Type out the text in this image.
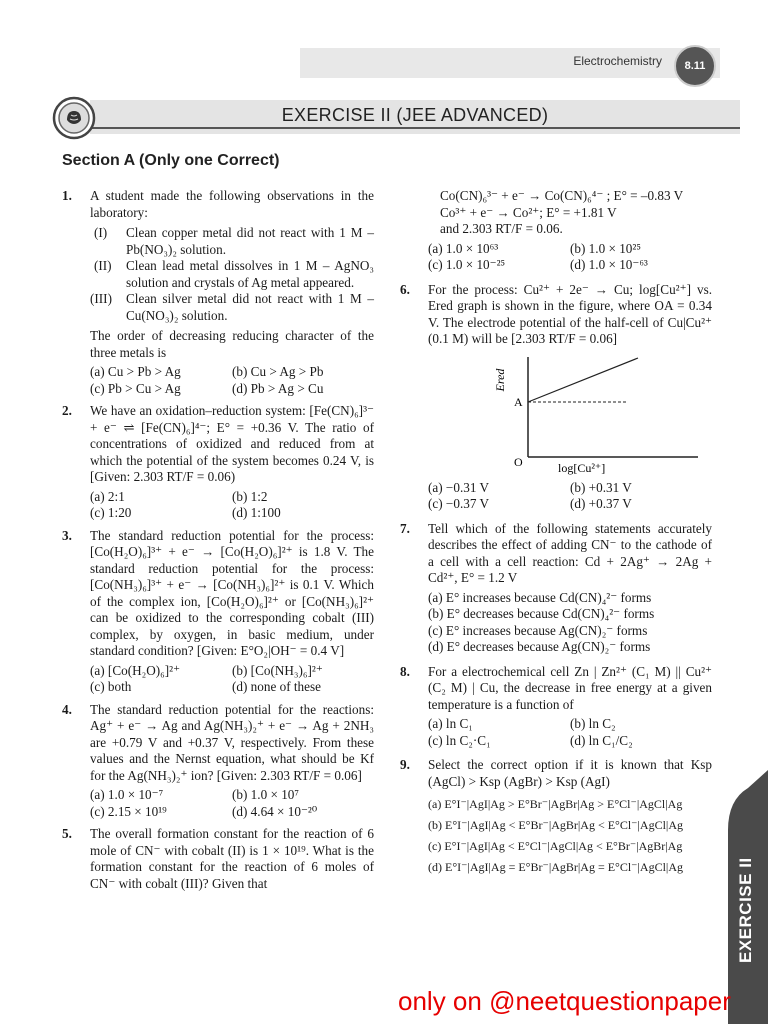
Electrochemistry	8.11
EXERCISE II (JEE ADVANCED)
Section A (Only one Correct)
1. A student made the following observations in the laboratory:

(I) Clean copper metal did not react with 1 M – Pb(NO₃)₂ solution.
(II) Clean lead metal dissolves in 1 M – AgNO₃ solution and crystals of Ag metal appeared.
(III) Clean silver metal did not react with 1 M – Cu(NO₃)₂ solution.

The order of decreasing reducing character of the three metals is

(a) Cu > Pb > Ag	(b) Cu > Ag > Pb
(c) Pb > Cu > Ag	(d) Pb > Ag > Cu
2. We have an oxidation–reduction system: [Fe(CN)₆]³⁻ + e⁻ ⇌ [Fe(CN)₆]⁴⁻; E° = +0.36 V. The ratio of concentrations of oxidized and reduced from at which the potential of the system becomes 0.24 V, is [Given: 2.303 RT/F = 0.06)

(a) 2:1	(b) 1:2
(c) 1:20	(d) 1:100
3. The standard reduction potential for the process: [Co(H₂O)₆]³⁺ + e⁻ → [Co(H₂O)₆]²⁺ is 1.8 V. The standard reduction potential for the process: [Co(NH₃)₆]³⁺ + e⁻ → [Co(NH₃)₆]²⁺ is 0.1 V. Which of the complex ion, [Co(H₂O)₆]²⁺ or [Co(NH₃)₆]²⁺ can be oxidized to the corresponding cobalt (III) complex, by oxygen, in basic medium, under standard condition? [Given: E°O₂|OH⁻ = 0.4 V]

(a) [Co(H₂O)₆]²⁺	(b) [Co(NH₃)₆]²⁺
(c) both	(d) none of these
4. The standard reduction potential for the reactions: Ag⁺ + e⁻ → Ag and Ag(NH₃)₂⁺ + e⁻ → Ag + 2NH₃ are +0.79 V and +0.37 V, respectively. From these values and the Nernst equation, what should be Kf for the Ag(NH₃)₂⁺ ion? [Given: 2.303 RT/F = 0.06]

(a) 1.0 × 10⁻⁷	(b) 1.0 × 10⁷
(c) 2.15 × 10¹⁹	(d) 4.64 × 10⁻²⁰
5. The overall formation constant for the reaction of 6 mole of CN⁻ with cobalt (II) is 1 × 10¹⁹. What is the formation constant for the reaction of 6 moles of CN⁻ with cobalt (III)? Given that

Co(CN)₆³⁻ + e⁻ → Co(CN)₆⁴⁻ ; E° = –0.83 V

Co³⁺ + e⁻ → Co²⁺; E° = +1.81 V

and 2.303 RT/F = 0.06.

(a) 1.0 × 10⁶³	(b) 1.0 × 10²⁵
(c) 1.0 × 10⁻²⁵	(d) 1.0 × 10⁻⁶³
6. For the process: Cu²⁺ + 2e⁻ → Cu; log[Cu²⁺] vs. Ered graph is shown in the figure, where OA = 0.34 V. The electrode potential of the half-cell of Cu|Cu²⁺ (0.1 M) will be [2.303 RT/F = 0.06]

Ered
A
O	log[Cu²⁺]
(a) −0.31 V	(b) +0.31 V
(c) −0.37 V	(d) +0.37 V
7. Tell which of the following statements accurately describes the effect of adding CN⁻ to the cathode of a cell with a cell reaction: Cd + 2Ag⁺ → 2Ag + Cd²⁺, E° = 1.2 V

(a) E° increases because Cd(CN)₄²⁻ forms

(b) E° decreases because Cd(CN)₄²⁻ forms

(c) E° increases because Ag(CN)₂⁻ forms

(d) E° decreases because Ag(CN)₂⁻ forms

8. For a electrochemical cell Zn | Zn²⁺ (C₁ M) || Cu²⁺ (C₂ M) | Cu, the decrease in free energy at a given temperature is a function of

(a) ln C₁	(b) ln C₂
(c) ln C₂·C₁	(d) ln C₁/C₂
9. Select the correct option if it is known that Ksp (AgCl) > Ksp (AgBr) > Ksp (AgI)

(a) E°I⁻|AgI|Ag > E°Br⁻|AgBr|Ag > E°Cl⁻|AgCl|Ag

(b) E°I⁻|AgI|Ag < E°Br⁻|AgBr|Ag < E°Cl⁻|AgCl|Ag

(c) E°I⁻|AgI|Ag < E°Cl⁻|AgCl|Ag < E°Br⁻|AgBr|Ag

(d) E°I⁻|AgI|Ag = E°Br⁻|AgBr|Ag = E°Cl⁻|AgCl|Ag	EXERCISE II
only on @neetquestionpaper
